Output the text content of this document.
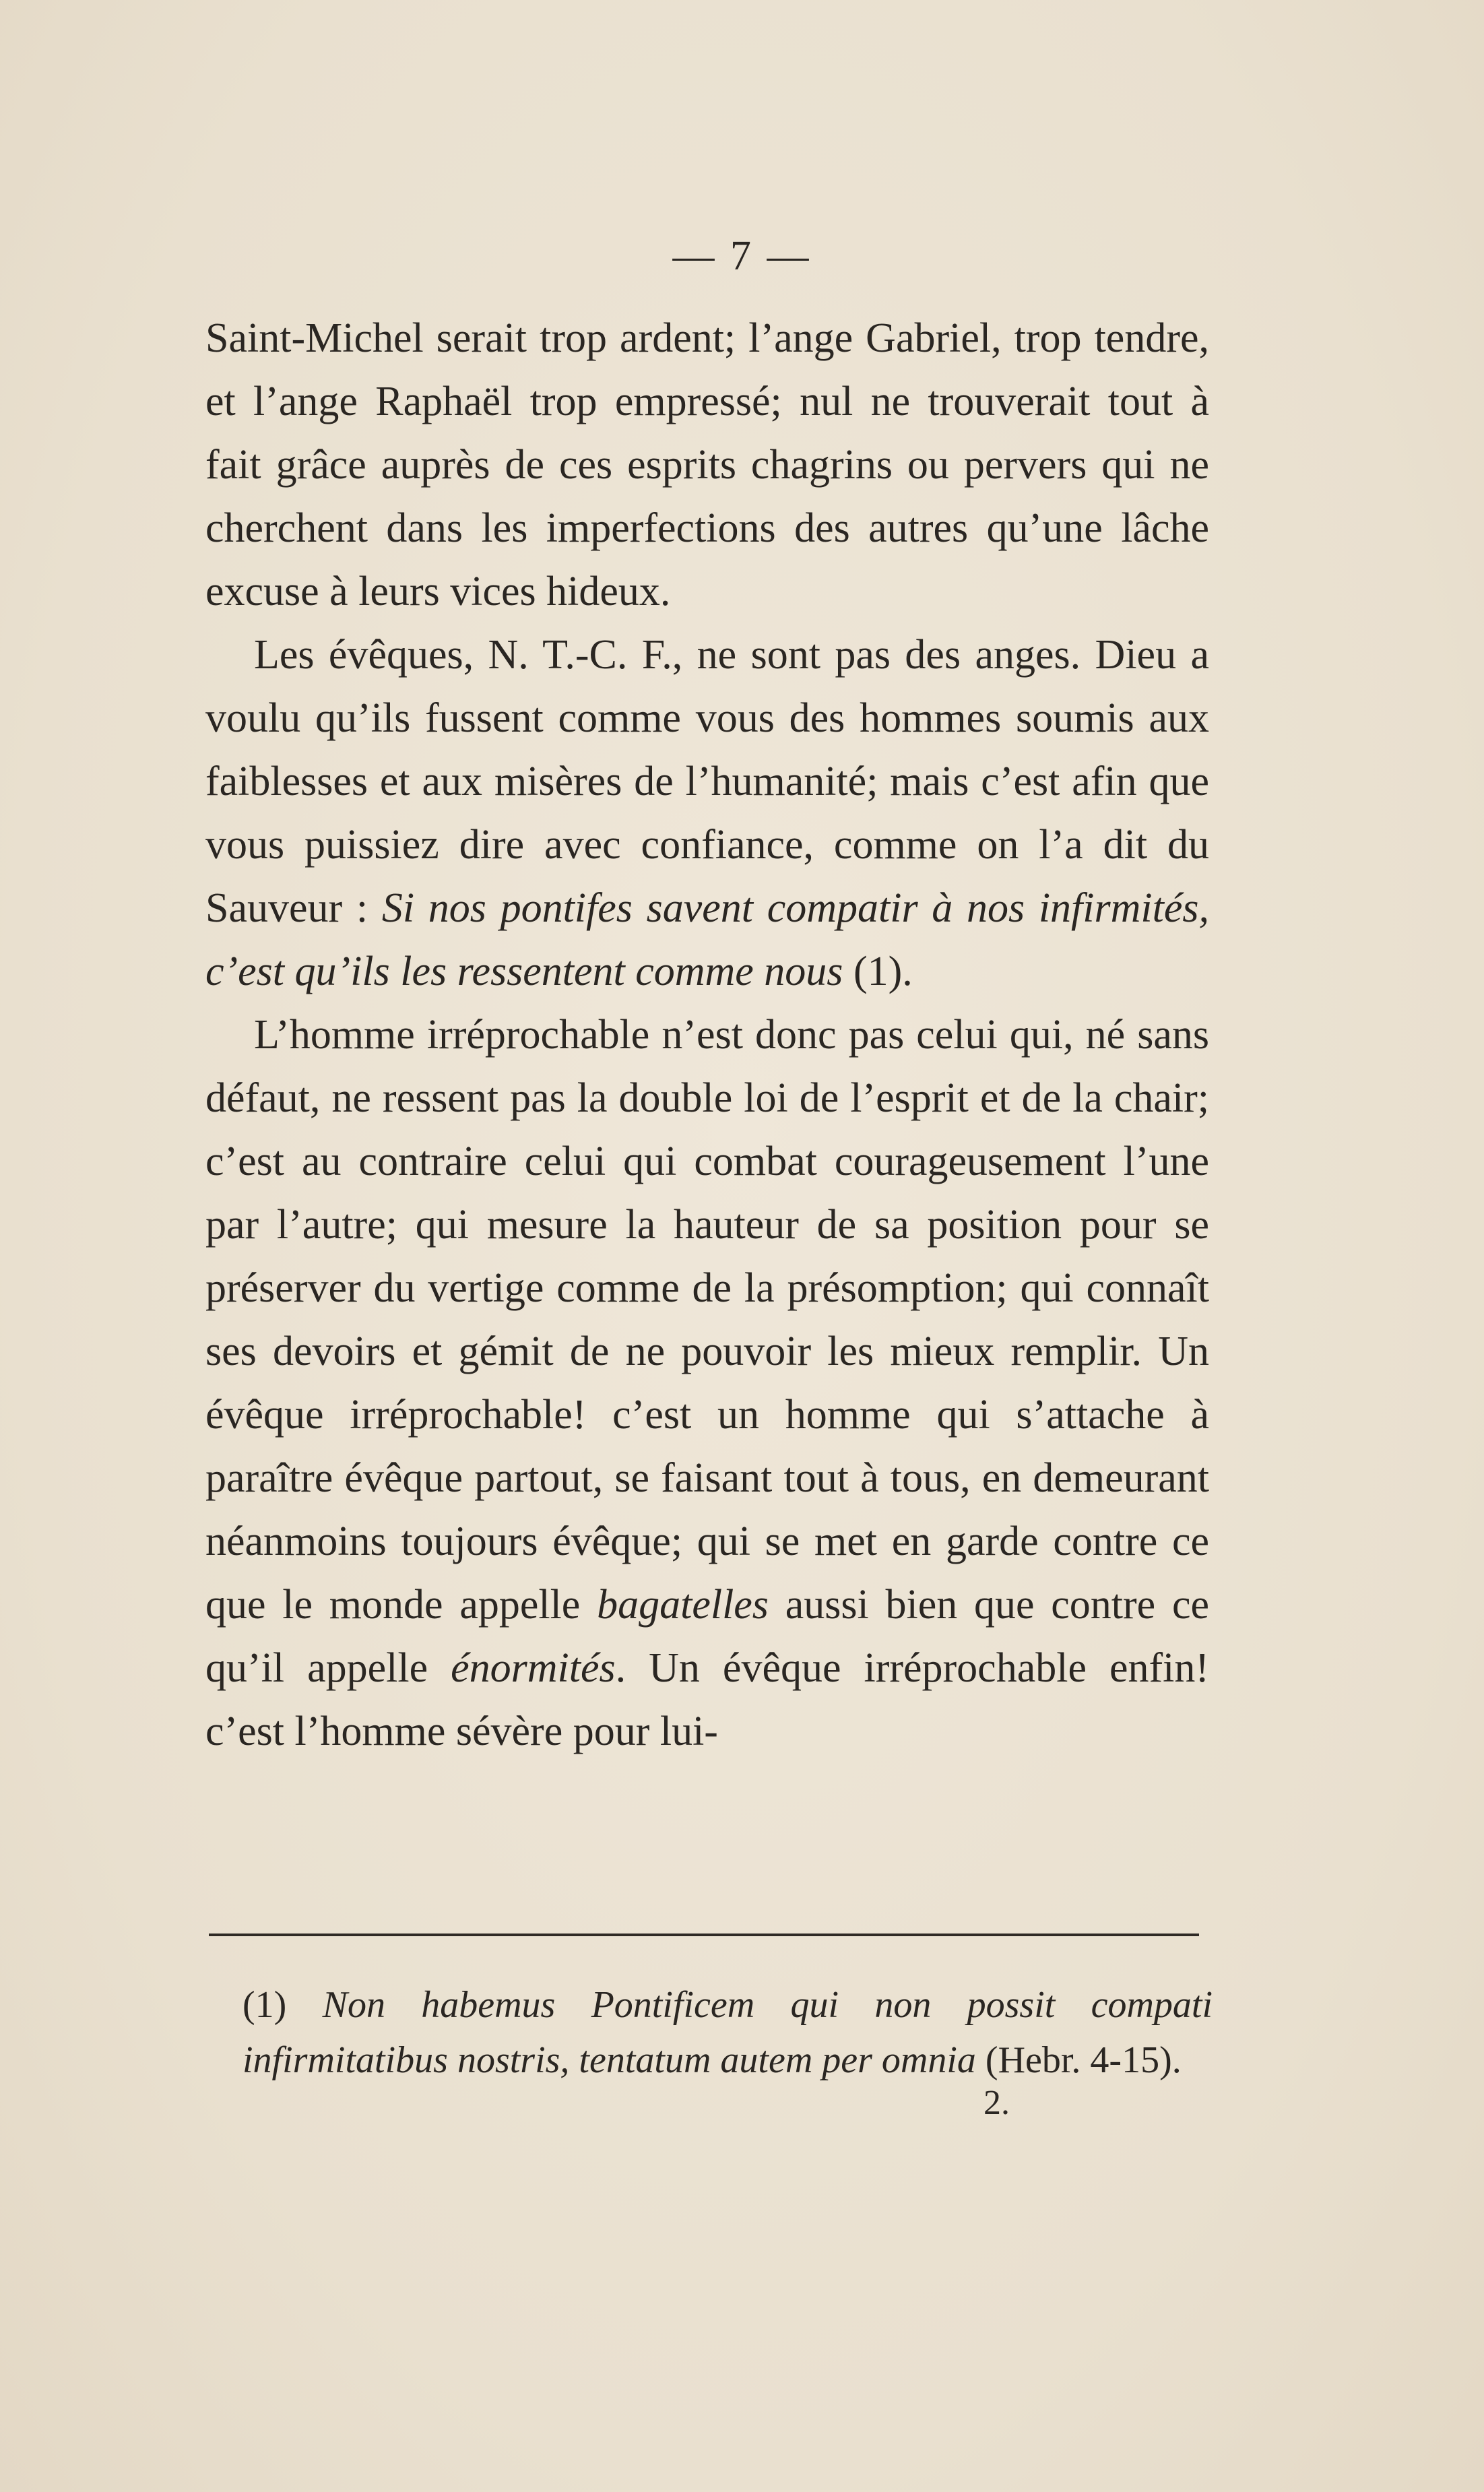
— 7 —

Saint-Michel serait trop ardent; l’ange Gabriel, trop tendre, et l’ange Raphaël trop empressé; nul ne trouverait tout à fait grâce auprès de ces esprits chagrins ou pervers qui ne cherchent dans les imperfections des autres qu’une lâche excuse à leurs vices hideux.

Les évêques, N. T.-C. F., ne sont pas des anges. Dieu a voulu qu’ils fussent comme vous des hommes soumis aux faiblesses et aux misères de l’humanité; mais c’est afin que vous puissiez dire avec confiance, comme on l’a dit du Sauveur : Si nos pontifes savent compatir à nos infirmités, c’est qu’ils les ressentent comme nous (1).

L’homme irréprochable n’est donc pas celui qui, né sans défaut, ne ressent pas la double loi de l’esprit et de la chair; c’est au contraire celui qui combat courageusement l’une par l’autre; qui mesure la hauteur de sa position pour se préserver du vertige comme de la présomption; qui connaît ses devoirs et gémit de ne pouvoir les mieux remplir. Un évêque irréprochable! c’est un homme qui s’attache à paraître évêque partout, se faisant tout à tous, en demeurant néanmoins toujours évêque; qui se met en garde contre ce que le monde appelle bagatelles aussi bien que contre ce qu’il appelle énormités. Un évêque irréprochable enfin! c’est l’homme sévère pour lui-

(1) Non habemus Pontificem qui non possit compati infirmitatibus nostris, tentatum autem per omnia (Hebr. 4-15).
2.
